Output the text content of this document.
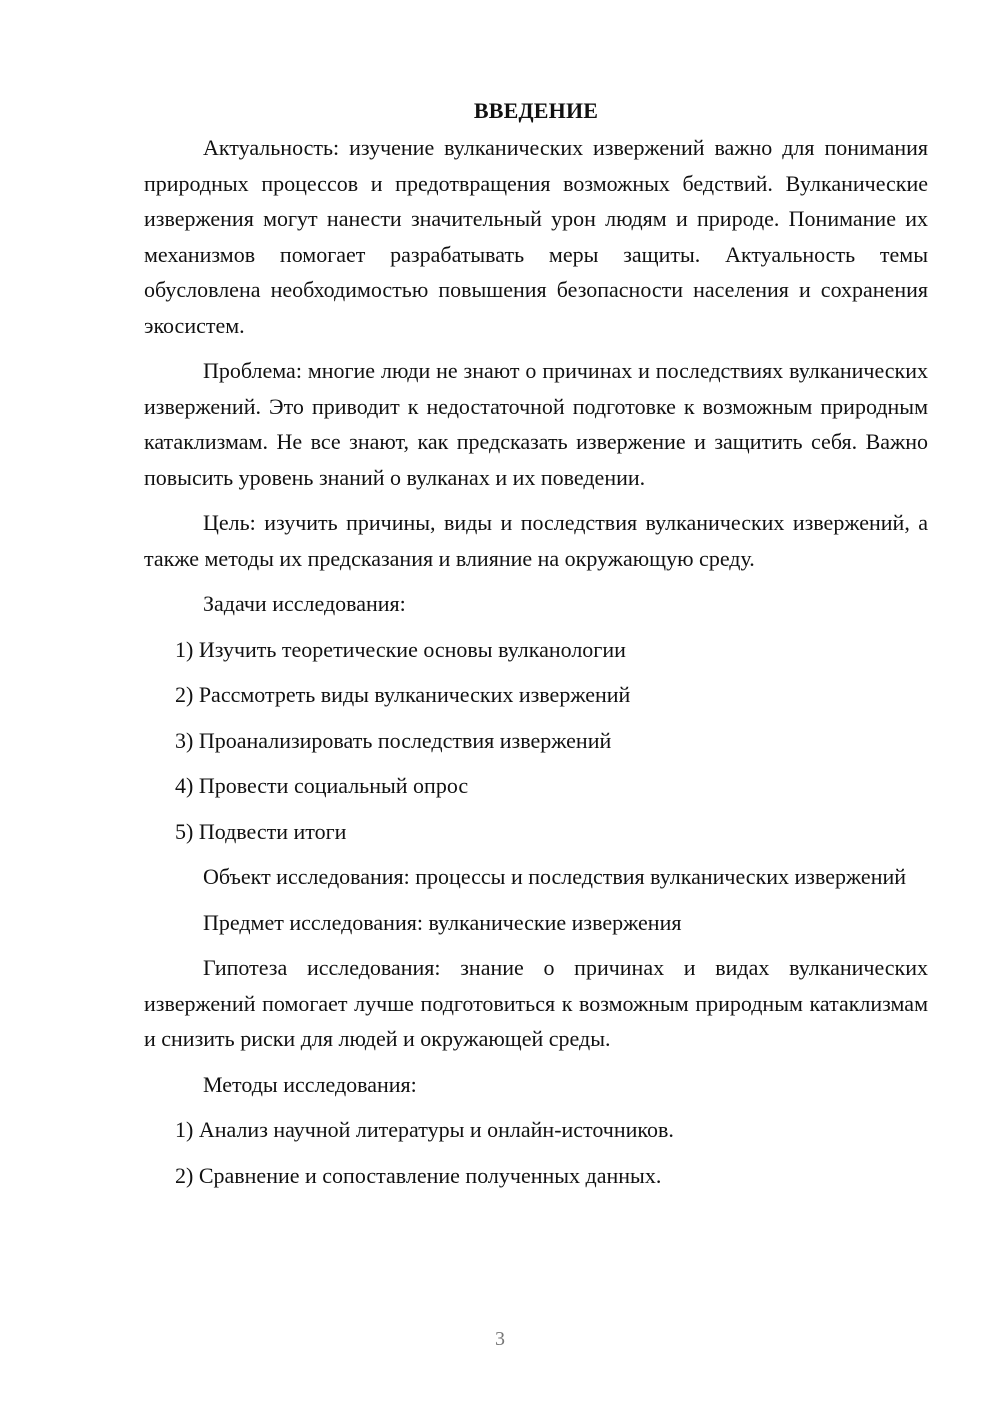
ВВЕДЕНИЕ

Актуальность: изучение вулканических извержений важно для понимания природных процессов и предотвращения возможных бедствий. Вулканические извержения могут нанести значительный урон людям и природе. Понимание их механизмов помогает разрабатывать меры защиты. Актуальность темы обусловлена необходимостью повышения безопасности населения и сохранения экосистем.

Проблема: многие люди не знают о причинах и последствиях вулканических извержений. Это приводит к недостаточной подготовке к возможным природным катаклизмам. Не все знают, как предсказать извержение и защитить себя. Важно повысить уровень знаний о вулканах и их поведении.

Цель: изучить причины, виды и последствия вулканических извержений, а также методы их предсказания и влияние на окружающую среду.

Задачи исследования:

1) Изучить теоретические основы вулканологии
2) Рассмотреть виды вулканических извержений
3) Проанализировать последствия извержений
4) Провести социальный опрос
5) Подвести итоги

Объект исследования: процессы и последствия вулканических извержений

Предмет исследования: вулканические извержения

Гипотеза исследования: знание о причинах и видах вулканических извержений помогает лучше подготовиться к возможным природным катаклизмам и снизить риски для людей и окружающей среды.

Методы исследования:

1) Анализ научной литературы и онлайн-источников.
2) Сравнение и сопоставление полученных данных.
3
